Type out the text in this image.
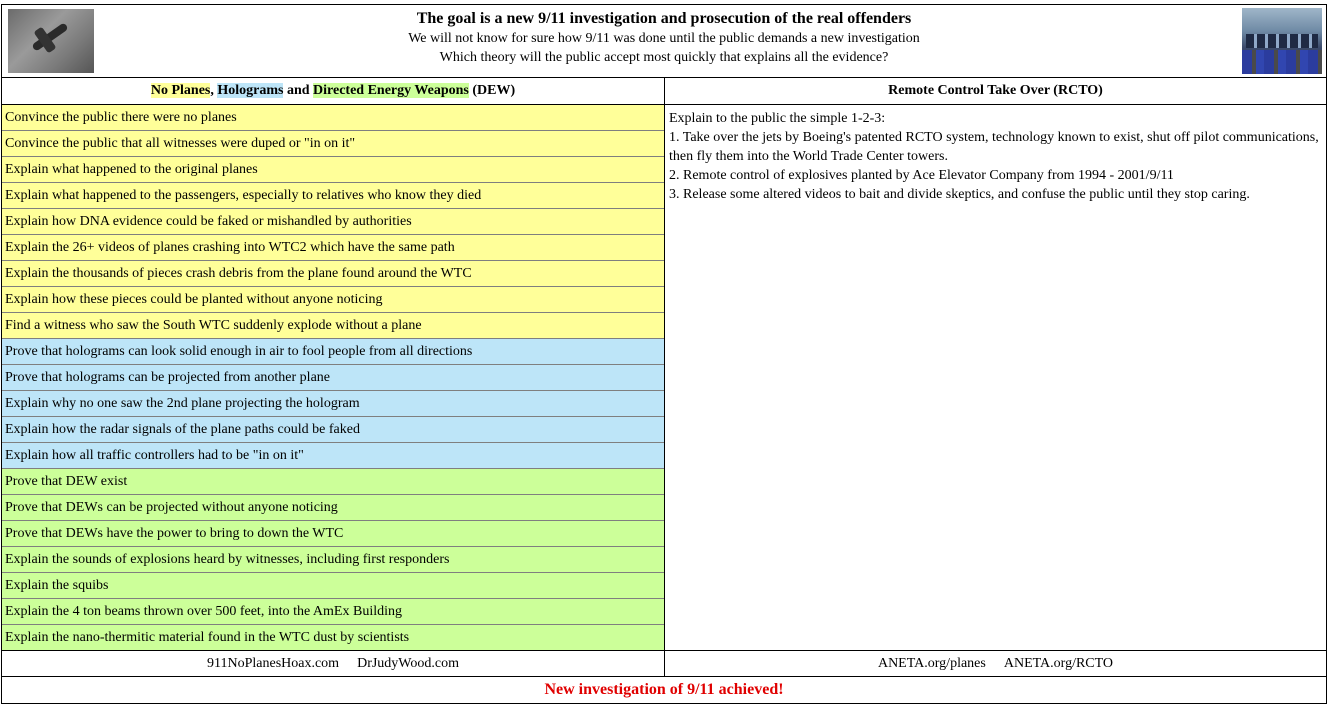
The goal is a new 9/11 investigation and prosecution of the real offenders
We will not know for sure how 9/11 was done until the public demands a new investigation
Which theory will the public accept most quickly that explains all the evidence?
No Planes, Holograms and Directed Energy Weapons (DEW)	Remote Control Take Over (RCTO)
Convince the public there were no planes
Convince the public that all witnesses were duped or "in on it"
Explain what happened to the original planes
Explain what happened to the passengers, especially to relatives who know they died
Explain how DNA evidence could be faked or mishandled by authorities
Explain the 26+ videos of planes crashing into WTC2 which have the same path
Explain the thousands of pieces crash debris from the plane found around the WTC
Explain how these pieces could be planted without anyone noticing
Find a witness who saw the South WTC suddenly explode without a plane
Prove that holograms can look solid enough in air to fool people from all directions
Prove that holograms can be projected from another plane
Explain why no one saw the 2nd plane projecting the hologram
Explain how the radar signals of the plane paths could be faked
Explain how all traffic controllers had to be "in on it"
Prove that DEW exist
Prove that DEWs can be projected without anyone noticing
Prove that DEWs have the power to bring to down the WTC
Explain the sounds of explosions heard by witnesses, including first responders
Explain the squibs
Explain the 4 ton beams thrown over 500 feet, into the AmEx Building
Explain the nano-thermitic material found in the WTC dust by scientists

Explain to the public the simple 1-2-3:

1. Take over the jets by Boeing's patented RCTO system, technology known to exist, shut off pilot communications, then fly them into the World Trade Center towers.

2. Remote control of explosives planted by Ace Elevator Company from 1994 - 2001/9/11

3. Release some altered videos to bait and divide skeptics, and confuse the public until they stop caring.

911NoPlanesHoax.com DrJudyWood.com	ANETA.org/planes ANETA.org/RCTO
New investigation of 9/11 achieved!
